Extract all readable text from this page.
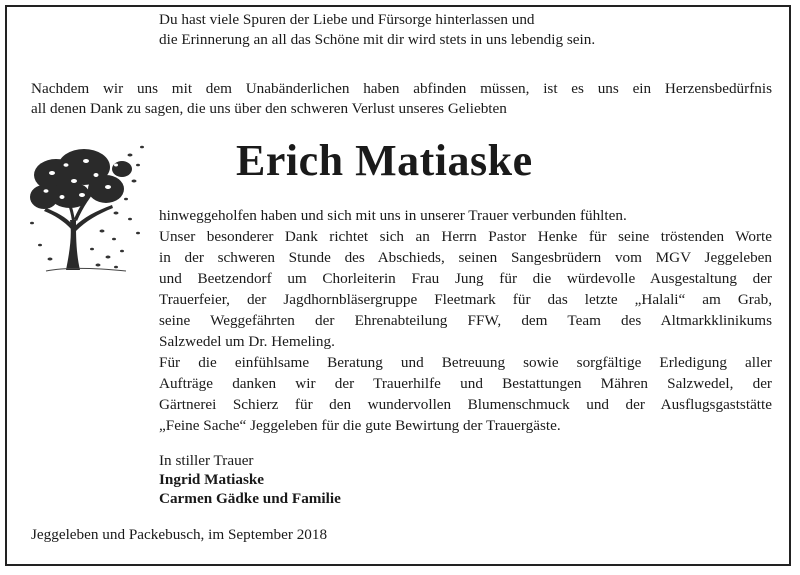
Du hast viele Spuren der Liebe und Fürsorge hinterlassen und
die Erinnerung an all das Schöne mit dir wird stets in uns lebendig sein.
Nachdem wir uns mit dem Unabänderlichen haben abfinden müssen, ist es uns ein Herzensbedürfnis
all denen Dank zu sagen, die uns über den schweren Verlust unseres Geliebten
Erich Matiaske
hinweggeholfen haben und sich mit uns in unserer Trauer verbunden fühlten.
Unser besonderer Dank richtet sich an Herrn Pastor Henke für seine tröstenden Worte
in der schweren Stunde des Abschieds, seinen Sangesbrüdern vom MGV Jeggeleben
und Beetzendorf um Chorleiterin Frau Jung für die würdevolle Ausgestaltung der
Trauerfeier, der Jagdhornbläsergruppe Fleetmark für das letzte „Halali“ am Grab,
seine Weggefährten der Ehrenabteilung FFW, dem Team des Altmarkklinikums
Salzwedel um Dr. Hemeling.
Für die einfühlsame Beratung und Betreuung sowie sorgfältige Erledigung aller
Aufträge danken wir der Trauerhilfe und Bestattungen Mähren Salzwedel, der
Gärtnerei Schierz für den wundervollen Blumenschmuck und der Ausflugsgaststätte
„Feine Sache“ Jeggeleben für die gute Bewirtung der Trauergäste.
In stiller Trauer
Ingrid Matiaske
Carmen Gädke und Familie
Jeggeleben und Packebusch, im September 2018
